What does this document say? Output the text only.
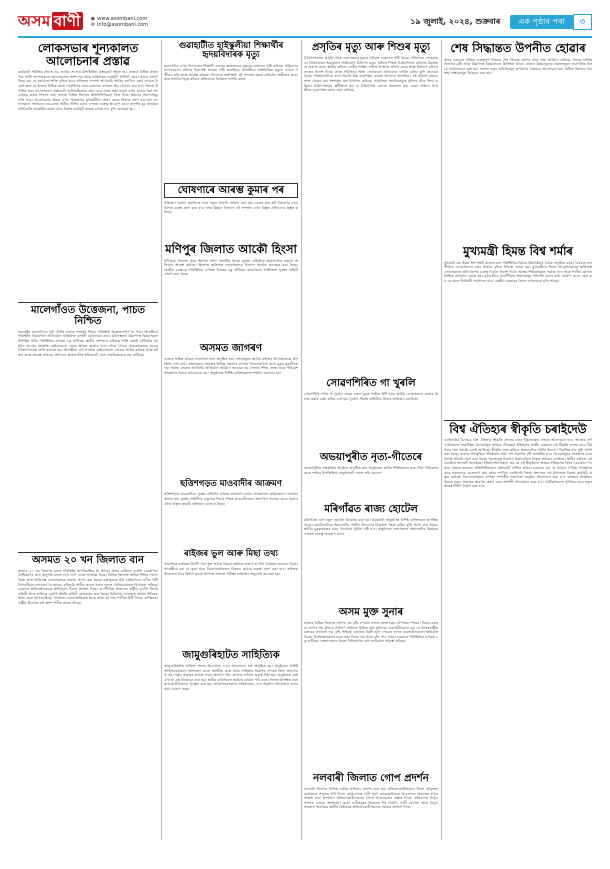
অসম বাণী	◉ www.asombani.com
✉ info@asombani.com	১৯ জুলাই, ২০২৪, শুক্রবাৰ এক পৃষ্ঠাৰ পৰা	৩
লোকসভাৰ শূন্যকালত আলোচনাৰ প্ৰস্তাৱ
কাৰ্যকাৰী সমিতিৰ সভাত ৩৬ জনকৈ সদস্যৰ উপস্থিতিত প্ৰস্তাৱটো গৃহীত হয়। ৰাজ্যৰ বিভিন্ন প্ৰান্তৰ পৰা আহি সদস্যসকলে আলোচনাত অংশ লয় আৰু ভৱিষ্যতৰ কাৰ্যসূচী নিৰ্ধাৰণ কৰে। সভাৰ সভাপতিয়ে কয় যে সংগঠনৰ শক্তি বৃদ্ধিৰ বাবে প্ৰতিজন সদস্যই আগবাঢ়ি আহিব লাগিব। তেওঁ লগতে উল্লেখ কৰে যে ৰাজ্যৰ বিভিন্ন সমস্যা সমাধানৰ বাবে চৰকাৰৰ ওপৰত হেঁচা প্ৰয়োগ কৰা হ'ব। সভাত উপস্থিত থকা সদস্যসকলে প্ৰস্তাৱটো সৰ্বসন্মতিক্ৰমে গ্ৰহণ কৰে আৰু অহা মাহত এখন ডাঙৰ সভা আয়োজন কৰাৰ সিদ্ধান্ত লয়। সভাত বিভিন্ন জিলাৰ প্ৰতিনিধিসকলে নিজ নিজ অঞ্চলৰ সমস্যাসমূহ দাঙি ধৰে। আলোচনাৰ অন্তত এখন স্মাৰকপত্ৰ মুখ্যমন্ত্ৰীলৈ প্ৰেৰণ কৰাৰ সিদ্ধান্ত গ্ৰহণ কৰা হয়। সদস্যসকলে সংগঠনৰ কাম-কাজ অধিক সক্ৰিয় কৰাৰ ওপৰত গুৰুত্ব আৰোপ কৰে। তদুপৰি যুৱ প্ৰজন্মক সংগঠনলৈ আকৰ্ষিত কৰাৰ বাবে বিশেষ কাৰ্যসূচী হাতত লোৱা হ'ব বুলি জনোৱা হয়।
মালেগাঁওত উত্তেজনা, পাচত নিশ্চিত
মহাৰাষ্ট্ৰৰ মালেগাঁওত দুটা গোটৰ মাজত সংঘৰ্ষৰ পিছত পৰিস্থিতি উত্তেজনাপূৰ্ণ হৈ পৰে। আৰক্ষীয়ে পৰিস্থিতি নিয়ন্ত্ৰণলৈ আনিবলৈ অতিৰিক্ত বাহিনী মোতায়েন কৰে। ঘটনাস্থলত উচ্চপদস্থ বিষয়াসকল উপস্থিত থাকি পৰিস্থিতিৰ ওপৰত চকু ৰাখিছে। স্থানীয় প্ৰশাসনে ৰাইজক শান্তি বজাই ৰাখিবলৈ আহ্বান জনায়। সংঘৰ্ষত কেইবাজনো লোক আহত হোৱাৰ খবৰ পোৱা গৈছে। আহতসকলক ওচৰৰ চিকিৎসালয়ত ভৰ্তি কৰোৱা হয়। আৰক্ষীয়ে এই সন্দৰ্ভত কেইবাজনো লোকক আটক কৰিছে আৰু ঘটনাৰ তদন্ত আৰম্ভ কৰিছে। প্ৰশাসনে অঞ্চলটোত ইণ্টাৰনেট সেৱা সাময়িকভাৱে বন্ধ ৰাখিছে।
অসমত ২০ খন জিলাত বান
ৰাজ্যৰ ২০ খন জিলাত বানৰ পৰিস্থিতি অপৰিৱৰ্তিত হৈ আছে। অসম ৰাজ্যিক দুৰ্যোগ ব্যৱস্থাপনা প্ৰাধিকৰণৰ তথ্য অনুসৰি বানত লাখ লাখ লোক আক্ৰান্ত হৈছে। বিভিন্ন জিলাত আশ্ৰয় শিবিৰ খোলা হৈছে আৰু ক্ষতিগ্ৰস্ত লোকসকলক সাহায্য প্ৰদান কৰা হৈছে। ব্ৰহ্মপুত্ৰকে ধৰি কেইবাখনো নদীৰ পানী বিপদসীমাৰ ওপৰেৰে বৈ আছে। কৃষিভূমি পানীৰ তলত থকাৰ ফলত খেতিয়কসকল বিপাঙত পৰিছে। চৰকাৰে ক্ষতিগ্ৰস্তসকলক ক্ষতিপূৰণ দিয়াৰ আশ্বাস দিছে। বানপীড়িত অঞ্চলত ৰাষ্ট্ৰীয় দুৰ্যোগ সঁহাৰি বাহিনী আৰু ৰাজ্যিক দুৰ্যোগ সঁহাৰি বাহিনী মোতায়েন কৰা হৈছে। চিকিৎসা দলসমূহে আশ্ৰয় শিবিৰত স্বাস্থ্য সেৱা আগবঢ়াইছে। পশুধনো বানত ক্ষতিগ্ৰস্ত হৈছে আৰু বহু পশু পানীত উটি গৈছে। কাজিৰঙা ৰাষ্ট্ৰীয় উদ্যানৰ বহু অংশ পানীৰ তলত আছে।
গুৱাহাটীত হাইস্কুলীয়া শিক্ষাৰ্থীৰ হৃদয়বিদাৰক মৃত্যু
মহানগৰীৰ এখন বিদ্যালয়ৰ শিক্ষাৰ্থী এজনৰ ৰহস্যজনক মৃত্যুৱে চাঞ্চল্যৰ সৃষ্টি কৰিছে। পৰিয়ালৰ সদস্যসকলে ঘটনাৰ নিৰপেক্ষ তদন্তৰ দাবী জনাইছে। আৰক্ষীয়ে অস্বাভাৱিক মৃত্যুৰ গোচৰ পঞ্জীয়ন কৰি তদন্ত আৰম্ভ কৰিছে। বিদ্যালয় কৰ্তৃপক্ষই এই সন্দৰ্ভত মন্তব্য কৰিবলৈ অস্বীকাৰ কৰে। ছাত্ৰ সংগঠনসমূহে ঘটনাৰ প্ৰতিবাদত বিক্ষোভ প্ৰদৰ্শন কৰে।
ঘোষণাৰে আৰম্ভ কুমাৰ পৰ
পৰিৱহণ সমস্যা সমাধানৰ বাবে নতুন আঁচনি ঘোষণা কৰা হয়। চহৰৰ যান-জঁট নিয়ন্ত্ৰণৰ বাবে বিশেষ ব্যৱস্থা গ্ৰহণ কৰা হ'ব। নগৰ উন্নয়ন বিভাগে এই সন্দৰ্ভত এখন বিস্তৃত প্ৰতিবেদন প্ৰস্তুত কৰিছে।
মণিপুৰ জিলাত আকৌ হিংসা
মণিপুৰৰ জিলাত পুনৰ হিংসাৰ ঘটনা সংঘটিত হৈছে। সুৰক্ষা বাহিনীয়ে অঞ্চলটোত তল্লাচী অভিযান আৰম্ভ কৰিছে। হিংসাত ক্ষতিগ্ৰস্ত লোকসকলক নিৰাপদ স্থানলৈ স্থানান্তৰ কৰা হৈছে। কেন্দ্ৰীয় চৰকাৰে পৰিস্থিতিৰ ওপৰত নিৰন্তৰ চকু ৰাখিছে। ৰাজ্যখনত অতিৰিক্ত সুৰক্ষা বাহিনী প্ৰেৰণ কৰা হৈছে।
অসমত জাগৰণ
ৰাজ্যৰ বিভিন্ন প্ৰান্তত সজাগতা সভা অনুষ্ঠিত হয়। সভাসমূহত স্থানীয় ৰাইজৰ উৎসাহজনক উপস্থিতি দেখা যায়। বক্তাসকলে সমাজৰ বিভিন্ন সমস্যাৰ ওপৰত আলোকপাত কৰে। যুৱক-যুৱতীসকলক সমাজ সেৱাত আগবাঢ়ি আহিবলৈ আহ্বান জনোৱা হয়। সভাত শিক্ষা, স্বাস্থ্য আৰু পৰিৱেশ সংৰক্ষণৰ বিষয়ে আলোচনা হয়। অনুষ্ঠানত বিশিষ্ট ব্যক্তিসকলক সম্বৰ্ধনা জনোৱা হয়।
ছত্তিশগড়ত মাওবাদীৰ আক্ৰমণ
ছত্তিশগড়ত মাওবাদীয়ে সুৰক্ষা বাহিনীৰ ওপৰত আক্ৰমণ চলায়। আক্ৰমণত কেইবাজনো জোৱান আহত হয়। সুৰক্ষা বাহিনীয়ে প্ৰত্যুত্তৰ দিয়াৰ পিছত মাওবাদীসকল অৰণ্যলৈ পলায়ন কৰে। অঞ্চলটোত বিস্তৃত তল্লাচী অভিযান চলোৱা হৈছে।
ৰাইজৰ ভুল আৰু মিছা তথ্য
সামাজিক মাধ্যমত বিয়পি পৰা ভুল তথ্যৰ বিষয়ে ৰাইজক সজাগ হ'বলৈ আহ্বান জনোৱা হৈছে। আৰক্ষীয়ে কয় যে ভুৱা খবৰ বিয়পোৱাসকলৰ বিৰুদ্ধে কঠোৰ ব্যৱস্থা গ্ৰহণ কৰা হ'ব। ৰাইজক যিকোনো খবৰ বিশ্বাস কৰাৰ আগতে সত্যতা পৰীক্ষা কৰিবলৈ অনুৰোধ জনোৱা হয়।
জামুগুৰিহাটত সাহিত্যিক
জামুগুৰিহাটত সাহিত্য সভাৰ উদ্যোগত এখন আলোচনা চক্ৰ অনুষ্ঠিত হয়। অনুষ্ঠানত বিশিষ্ট সাহিত্যিকসকলে অংশগ্ৰহণ কৰে। অসমীয়া ভাষা আৰু সাহিত্যৰ বিকাশৰ ওপৰত বিশদ আলোচনা হয়। নতুন প্ৰজন্মৰ মাজত পঢ়াৰ অভ্যাস গঢ়ি তোলাৰ ওপৰত গুৰুত্ব দিয়া হয়। অনুষ্ঠানত কেইবাখনো গ্ৰন্থ উন্মোচন কৰা হয়। স্থানীয় কবিসকলে স্বৰচিত কবিতা পাঠ কৰে। সভাত উপস্থিত থকা ছাত্ৰ-ছাত্ৰীসকলক পুৰস্কৃত কৰা হয়। আয়োজকসকলে ভৱিষ্যতেও এনে অনুষ্ঠান আয়োজন কৰাৰ কথা ঘোষণা কৰে।
প্ৰসৃতিৰ মৃত্যু আৰু শিশুৰ মৃত্যু
চিকিৎসালয়ত প্ৰসৃতি আৰু নৱজাতকৰ মৃত্যুৰ ঘটনাত চাঞ্চল্যৰ সৃষ্টি হৈছে। পৰিয়ালৰ লোকসকলে চিকিৎসকৰ অৱহেলাৰ অভিযোগ উত্থাপন কৰে। ঘটনাৰ পিছত চিকিৎসালয় চৌহদত উত্তেজনা বিৰাজ কৰে। স্থানীয় ৰাইজে দোষীৰ শাস্তিৰ দাবীত বিক্ষোভ প্ৰদৰ্শন কৰে। স্বাস্থ্য বিভাগে ঘটনাৰ তদন্তৰ নিৰ্দেশ দিছে। তদন্ত সমিতিয়ে অতি সোনকালে প্ৰতিবেদন দাখিল কৰিব বুলি জনোৱা হৈছে। পৰিয়ালটোৱে ন্যায় বিচাৰি উচ্চ কৰ্তৃপক্ষৰ ওচৰত আবেদন জনাইছে। এই ঘটনাই ৰাজ্যৰ স্বাস্থ্য সেৱাৰ মান সম্পৰ্কত প্ৰশ্ন উত্থাপন কৰিছে। সামাজিক সংগঠনসমূহে ঘটনাৰ তীব্ৰ নিন্দা কৰিছে। চিকিৎসালয়ৰ অধীক্ষকে কয় যে চিকিৎসাত কোনো অৱহেলা কৰা হোৱা নাছিল। আৰক্ষীয়ে দুয়োপক্ষৰ বয়ান গ্ৰহণ কৰিছে।
সোৱণশিৰিত গা খুৰলি
সোৱণশিৰি নদীত গা ধুবলৈ যোৱা এজন যুৱক পানীত উটি যায়। স্থানীয় লোকসকলে তেওঁক উদ্ধাৰ কৰাৰ চেষ্টা কৰিও ব্যৰ্থ হয়। দুৰ্যোগ সঁহাৰি বাহিনীয়ে উদ্ধাৰ অভিযান চলাইছে।
অভয়াপুৰীত নৃত্য-গীতেৰে
অভয়াপুৰীত সাংস্কৃতিক অনুষ্ঠান অনুষ্ঠিত হয়। অনুষ্ঠানত স্থানীয় শিল্পীসকলে নৃত্য-গীত পৰিৱেশন কৰে। দৰ্শকৰ উপস্থিতিয়ে অনুষ্ঠানটো সফল কৰি তোলে।
মৰিগাঁৱত ৰাজ্য হোটেল
মৰিগাঁৱত এটা নতুন হোটেল উদ্বোধন কৰা হয়। উদ্বোধনী অনুষ্ঠানত বিশিষ্ট ব্যক্তিসকল উপস্থিত থাকে। হোটেলটোৱে অঞ্চলটোৰ পৰ্যটন উদ্যোগৰ বিকাশত সহায় কৰিব বুলি আশা কৰা হৈছে। স্থানীয় যুৱকসকলৰ বাবে নিয়োগৰ সুবিধা সৃষ্টি হ'ব। অনুষ্ঠানত বক্তাসকলে অঞ্চলটোৰ উন্নয়নৰ ওপৰত গুৰুত্ব আৰোপ কৰে।
অসম মুক্ত সুনাৰ
ৰাজ্যৰ বিভিন্ন জিলাত সোণৰ দাম বৃদ্ধি পোৱাৰ ফলত ক্ৰেতাসকল বিপাঙত পৰিছে। বিয়াৰ বতৰত সোণৰ দাম বৃদ্ধিয়ে সাধাৰণ ৰাইজক চিন্তিত কৰি তুলিছে। ব্যৱসায়ীসকলে কয় যে আন্তঃৰাষ্ট্ৰীয় বজাৰৰ প্ৰভাৱত দাম বৃদ্ধি পাইছে। বজাৰত বিক্ৰী হ্ৰাস পোৱাৰ ফলত ব্যৱসায়ীসকলো ক্ষতিগ্ৰস্ত হৈছে। বিশেষজ্ঞসকলৰ মতে অহা দিনত দাম আৰু বৃদ্ধি পাব পাৰে। চৰকাৰে পৰিস্থিতিৰ ওপৰত চকু ৰাখিছে। ক্ৰেতাসকলে বিকল্প বিনিয়োগৰ কথা ভাবিবলৈ আৰম্ভ কৰিছে।
নলবাৰী জিলাত গোপ প্ৰদৰ্শন
নলবাৰী জিলাত বিভিন্ন দাবীত প্ৰতিবাদ প্ৰদৰ্শন কৰা হয়। প্ৰতিবাদকাৰীসকলে জিলা আয়ুক্তৰ কাৰ্যালয়ৰ সন্মুখত ধৰ্ণা দিয়ে। তেওঁলোকে দাবী পূৰণ নোহোৱালৈকে আন্দোলন অব্যাহত ৰখাৰ সংকল্প লয়। প্ৰশাসনে প্ৰতিবাদকাৰীসকলৰ সৈতে আলোচনাৰ প্ৰস্তাৱ দিছে। প্ৰতিবাদত বিপুল সংখ্যক লোকে অংশগ্ৰহণ কৰে। দাবীসমূহৰ ভিতৰত পথ নিৰ্মাণ, পানী যোগান আৰু বিদ্যুৎ সংযোগ অন্যতম। স্থানীয় বিধায়কে প্ৰতিবাদকাৰীসকলক সহায়ৰ আশ্বাস দিছে।
শেষ সিদ্ধান্তত উপনীত হোৱাৰ
অসম চৰকাৰে বিভিন্ন গুৰুত্বপূৰ্ণ বিষয়ত শেষ সিদ্ধান্ত গ্ৰহণৰ বাবে সভা আহ্বান কৰিছে। সভাত বিভিন্ন বিভাগৰ মন্ত্ৰী আৰু উচ্চপদস্থ বিষয়াসকল উপস্থিত থাকে। ৰাজ্যৰ উন্নয়নমূলক প্ৰকল্পসমূহৰ অগ্ৰগতিৰ বিষয়ে পৰ্যালোচনা কৰা হয়। সভাত নতুন আঁচনিসমূহ ৰূপায়ণৰ বিষয়েও আলোচনা হয়। বিভিন্ন জিলাৰ পৰা অহা প্ৰস্তাৱসমূহ বিবেচনা কৰা হয়।
মুখ্যমন্ত্ৰী হিমন্ত বিশ্ব শৰ্মাৰ
মুখ্যমন্ত্ৰী ডঃ হিমন্ত বিশ্ব শৰ্মাই ৰাজ্যৰ বান পৰিস্থিতিৰ বিষয়ে উচ্চপৰ্যায়ৰ বৈঠক অনুষ্ঠিত কৰে। বৈঠকত বানপীড়িত লোকসকলৰ বাবে সাহায্য বৃদ্ধিৰ সিদ্ধান্ত লোৱা হয়। মুখ্যমন্ত্ৰীয়ে জিলা আয়ুক্তসকলক ক্ষতিগ্ৰস্ত লোকসকলৰ প্ৰতি বিশেষ গুৰুত্ব দিবলৈ নিৰ্দেশ দিয়ে। আশ্ৰয় শিবিৰসমূহত পৰ্যাপ্ত খাদ্য আৰু পানীৰ যোগান নিশ্চিত কৰিবলৈ কোৱা হয়। মুখ্যমন্ত্ৰীয়ে বানপীড়িত অঞ্চলসমূহ পৰিদৰ্শন কৰাৰ কথা ঘোষণা কৰে। তেওঁ কয় যে বানৰ দীৰ্ঘস্থায়ী সমাধানৰ বাবে কেন্দ্ৰীয় চৰকাৰৰ সৈতে আলোচনা চলি আছে।
বিশ্ব ঐতিহ্যৰ স্বীকৃতি চৰাইদেউ
চৰাইদেউৰ মৈদামক বিশ্ব ঐতিহ্যৰ স্বীকৃতি প্ৰদানৰ বাবে ইউনেস্কোৰ সভাত আলোচনা হ'ব। আহোম স্বৰ্গদেউসকলৰ সমাধিস্থল মৈদামসমূহ অসমৰ গৌৰৱময় ইতিহাসৰ সাক্ষী। চৰকাৰে এই স্বীকৃতি লাভৰ বাবে দীৰ্ঘদিনৰ পৰা প্ৰচেষ্টা চলাই আহিছে। স্বীকৃতি লাভ কৰিলে অঞ্চলটোৰ পৰ্যটন উদ্যোগ বিকশিত হ'ব বুলি আশা কৰা হৈছে। ৰাজ্যৰ সাংস্কৃতিক পৰিক্ৰমাৰ প্ৰতি দেশ-বিদেশৰ দৃষ্টি আকৰ্ষিত হ'ব। মৈদামসমূহৰ সংৰক্ষণৰ বাবে বিশেষ আঁচনি গ্ৰহণ কৰা হৈছে। পুৰাতত্ত্ব বিভাগে অঞ্চলটোত বিস্তৃত অধ্যয়ন চলাইছে। স্থানীয় ৰাইজে এই প্ৰচেষ্টাক আদৰণি জনাইছে। ইতিহাসবিদসকলে কয় যে এই স্বীকৃতিয়ে অসমৰ ইতিহাসক বিশ্বৰ দৰবাৰলৈ লৈ যাব। সভাত ভাৰতৰ প্ৰতিনিধিসকলে প্ৰস্তাৱটো দাখিল কৰিব। চৰকাৰে কয় যে আমাৰ ঐতিহ্য সংৰক্ষণৰ বাবে সকলোৱে একেলগে কাম কৰিব লাগিব। চৰাইদেউ জিলা প্ৰশাসনে এই উপলক্ষে বিশেষ কাৰ্যসূচী প্ৰস্তুত কৰিছে। বিদ্যালয়সমূহত ঐতিহ্য সম্পৰ্কীয় সজাগতা অনুষ্ঠান আয়োজন কৰা হ'ব। আহোম সংস্কৃতিৰ বিষয়ে নতুন প্ৰজন্মক অৱগত কৰাৰ বাবে প্ৰদৰ্শনী আয়োজন কৰা হ'ব। পৰ্যটকসকলৰ সুবিধাৰ বাবে নতুন আন্তঃগাঁথনি নিৰ্মাণ কৰা হ'ব।
